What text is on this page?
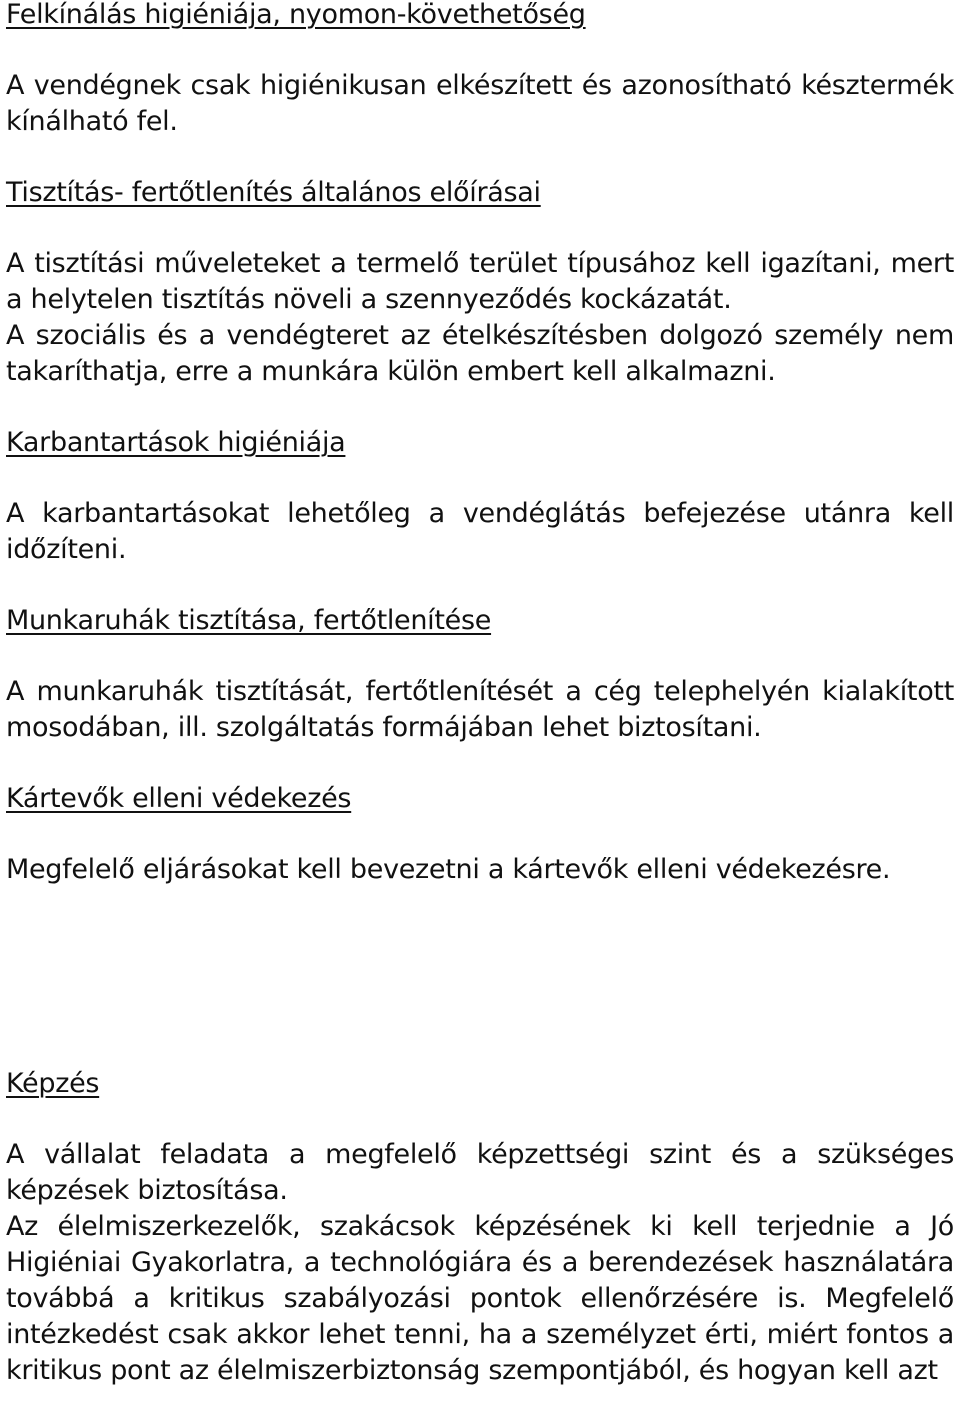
Felkínálás higiéniája, nyomon-követhetőség

A vendégnek csak higiénikusan elkészített és azonosítható késztermék kínálható fel.

Tisztítás- fertőtlenítés általános előírásai

A tisztítási műveleteket a termelő terület típusához kell igazítani, mert a helytelen tisztítás növeli a szennyeződés kockázatát.

A szociális és a vendégteret az ételkészítésben dolgozó személy nem takaríthatja, erre a munkára külön embert kell alkalmazni.

Karbantartások higiéniája

A karbantartásokat lehetőleg a vendéglátás befejezése utánra kell időzíteni.

Munkaruhák tisztítása, fertőtlenítése

A munkaruhák tisztítását, fertőtlenítését a cég telephelyén kialakított mosodában, ill. szolgáltatás formájában lehet biztosítani.

Kártevők elleni védekezés

Megfelelő eljárásokat kell bevezetni a kártevők elleni védekezésre.

Képzés

A vállalat feladata a megfelelő képzettségi szint és a szükséges képzések biztosítása.

Az élelmiszerkezelők, szakácsok képzésének ki kell terjednie a Jó Higiéniai Gyakorlatra, a technológiára és a berendezések használatára továbbá a kritikus szabályozási pontok ellenőrzésére is. Megfelelő intézkedést csak akkor lehet tenni, ha a személyzet érti, miért fontos a kritikus pont az élelmiszerbiztonság szempontjából, és hogyan kell azt
